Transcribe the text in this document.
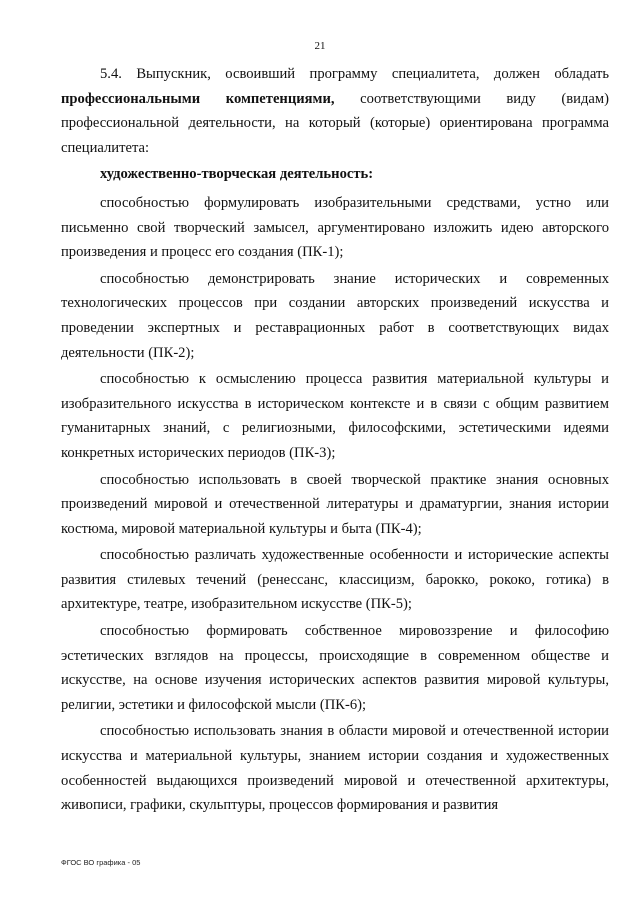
21

5.4. Выпускник, освоивший программу специалитета, должен обладать профессиональными компетенциями, соответствующими виду (видам) профессиональной деятельности, на который (которые) ориентирована программа специалитета:

художественно-творческая деятельность:

способностью формулировать изобразительными средствами, устно или письменно свой творческий замысел, аргументировано изложить идею авторского произведения и процесс его создания (ПК-1);

способностью демонстрировать знание исторических и современных технологических процессов при создании авторских произведений искусства и проведении экспертных и реставрационных работ в соответствующих видах деятельности (ПК-2);

способностью к осмыслению процесса развития материальной культуры и изобразительного искусства в историческом контексте и в связи с общим развитием гуманитарных знаний, с религиозными, философскими, эстетическими идеями конкретных исторических периодов (ПК-3);

способностью использовать в своей творческой практике знания основных произведений мировой и отечественной литературы и драматургии, знания истории костюма, мировой материальной культуры и быта (ПК-4);

способностью различать художественные особенности и исторические аспекты развития стилевых течений (ренессанс, классицизм, барокко, рококо, готика) в архитектуре, театре, изобразительном искусстве (ПК-5);

способностью формировать собственное мировоззрение и философию эстетических взглядов на процессы, происходящие в современном обществе и искусстве, на основе изучения исторических аспектов развития мировой культуры, религии, эстетики и философской мысли (ПК-6);

способностью использовать знания в области мировой и отечественной истории искусства и материальной культуры, знанием истории создания и художественных особенностей выдающихся произведений мировой и отечественной архитектуры, живописи, графики, скульптуры, процессов формирования и развития

ФГОС ВО графика - 05
